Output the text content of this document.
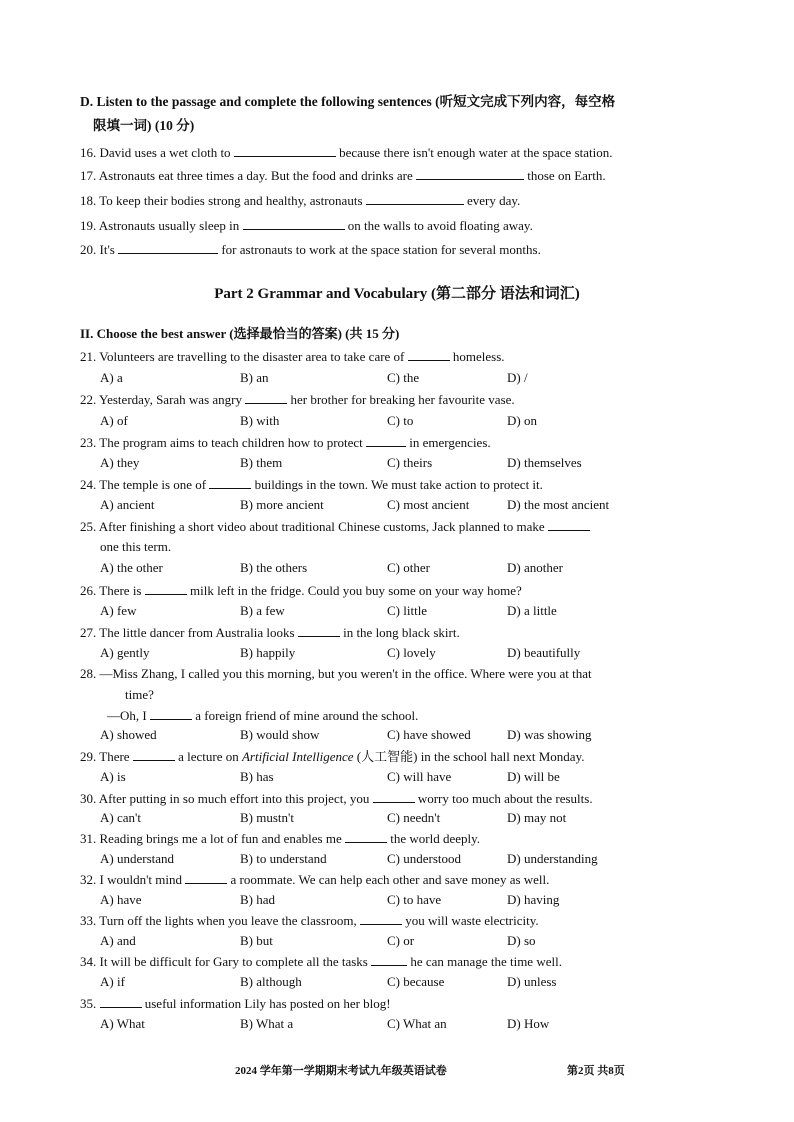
D. Listen to the passage and complete the following sentences (听短文完成下列内容，每空格
限填一词) (10 分)
16. David uses a wet cloth to	because there isn't enough water at the space station.
17. Astronauts eat three times a day. But the food and drinks are	those on Earth.
18. To keep their bodies strong and healthy, astronauts	every day.
19. Astronauts usually sleep in	on the walls to avoid floating away.
20. It's	for astronauts to work at the space station for several months.
Part 2 Grammar and Vocabulary (第二部分 语法和词汇)
II. Choose the best answer (选择最恰当的答案) (共 15 分)
21. Volunteers are travelling to the disaster area to take care of	homeless.
A) a	B) an	C) the	D) /
22. Yesterday, Sarah was angry	her brother for breaking her favourite vase.
A) of	B) with	C) to	D) on
23. The program aims to teach children how to protect	in emergencies.
A) they	B) them	C) theirs	D) themselves
24. The temple is one of	buildings in the town. We must take action to protect it.
A) ancient	B) more ancient	C) most ancient	D) the most ancient
25. After finishing a short video about traditional Chinese customs, Jack planned to make
one this term.
A) the other	B) the others	C) other	D) another
26. There is	milk left in the fridge. Could you buy some on your way home?
A) few	B) a few	C) little	D) a little
27. The little dancer from Australia looks	in the long black skirt.
A) gently	B) happily	C) lovely	D) beautifully
28. —Miss Zhang, I called you this morning, but you weren't in the office. Where were you at that
time?
—Oh, I	a foreign friend of mine around the school.
A) showed	B) would show	C) have showed	D) was showing
29. There	a lecture on Artificial Intelligence (人工智能) in the school hall next Monday.
A) is	B) has	C) will have	D) will be
30. After putting in so much effort into this project, you	worry too much about the results.
A) can't	B) mustn't	C) needn't	D) may not
31. Reading brings me a lot of fun and enables me	the world deeply.
A) understand	B) to understand	C) understood	D) understanding
32. I wouldn't mind	a roommate. We can help each other and save money as well.
A) have	B) had	C) to have	D) having
33. Turn off the lights when you leave the classroom,	you will waste electricity.
A) and	B) but	C) or	D) so
34. It will be difficult for Gary to complete all the tasks	he can manage the time well.
A) if	B) although	C) because	D) unless
35.	useful information Lily has posted on her blog!
A) What	B) What a	C) What an	D) How
2024 学年第一学期期末考试九年级英语试卷	第2页 共8页
